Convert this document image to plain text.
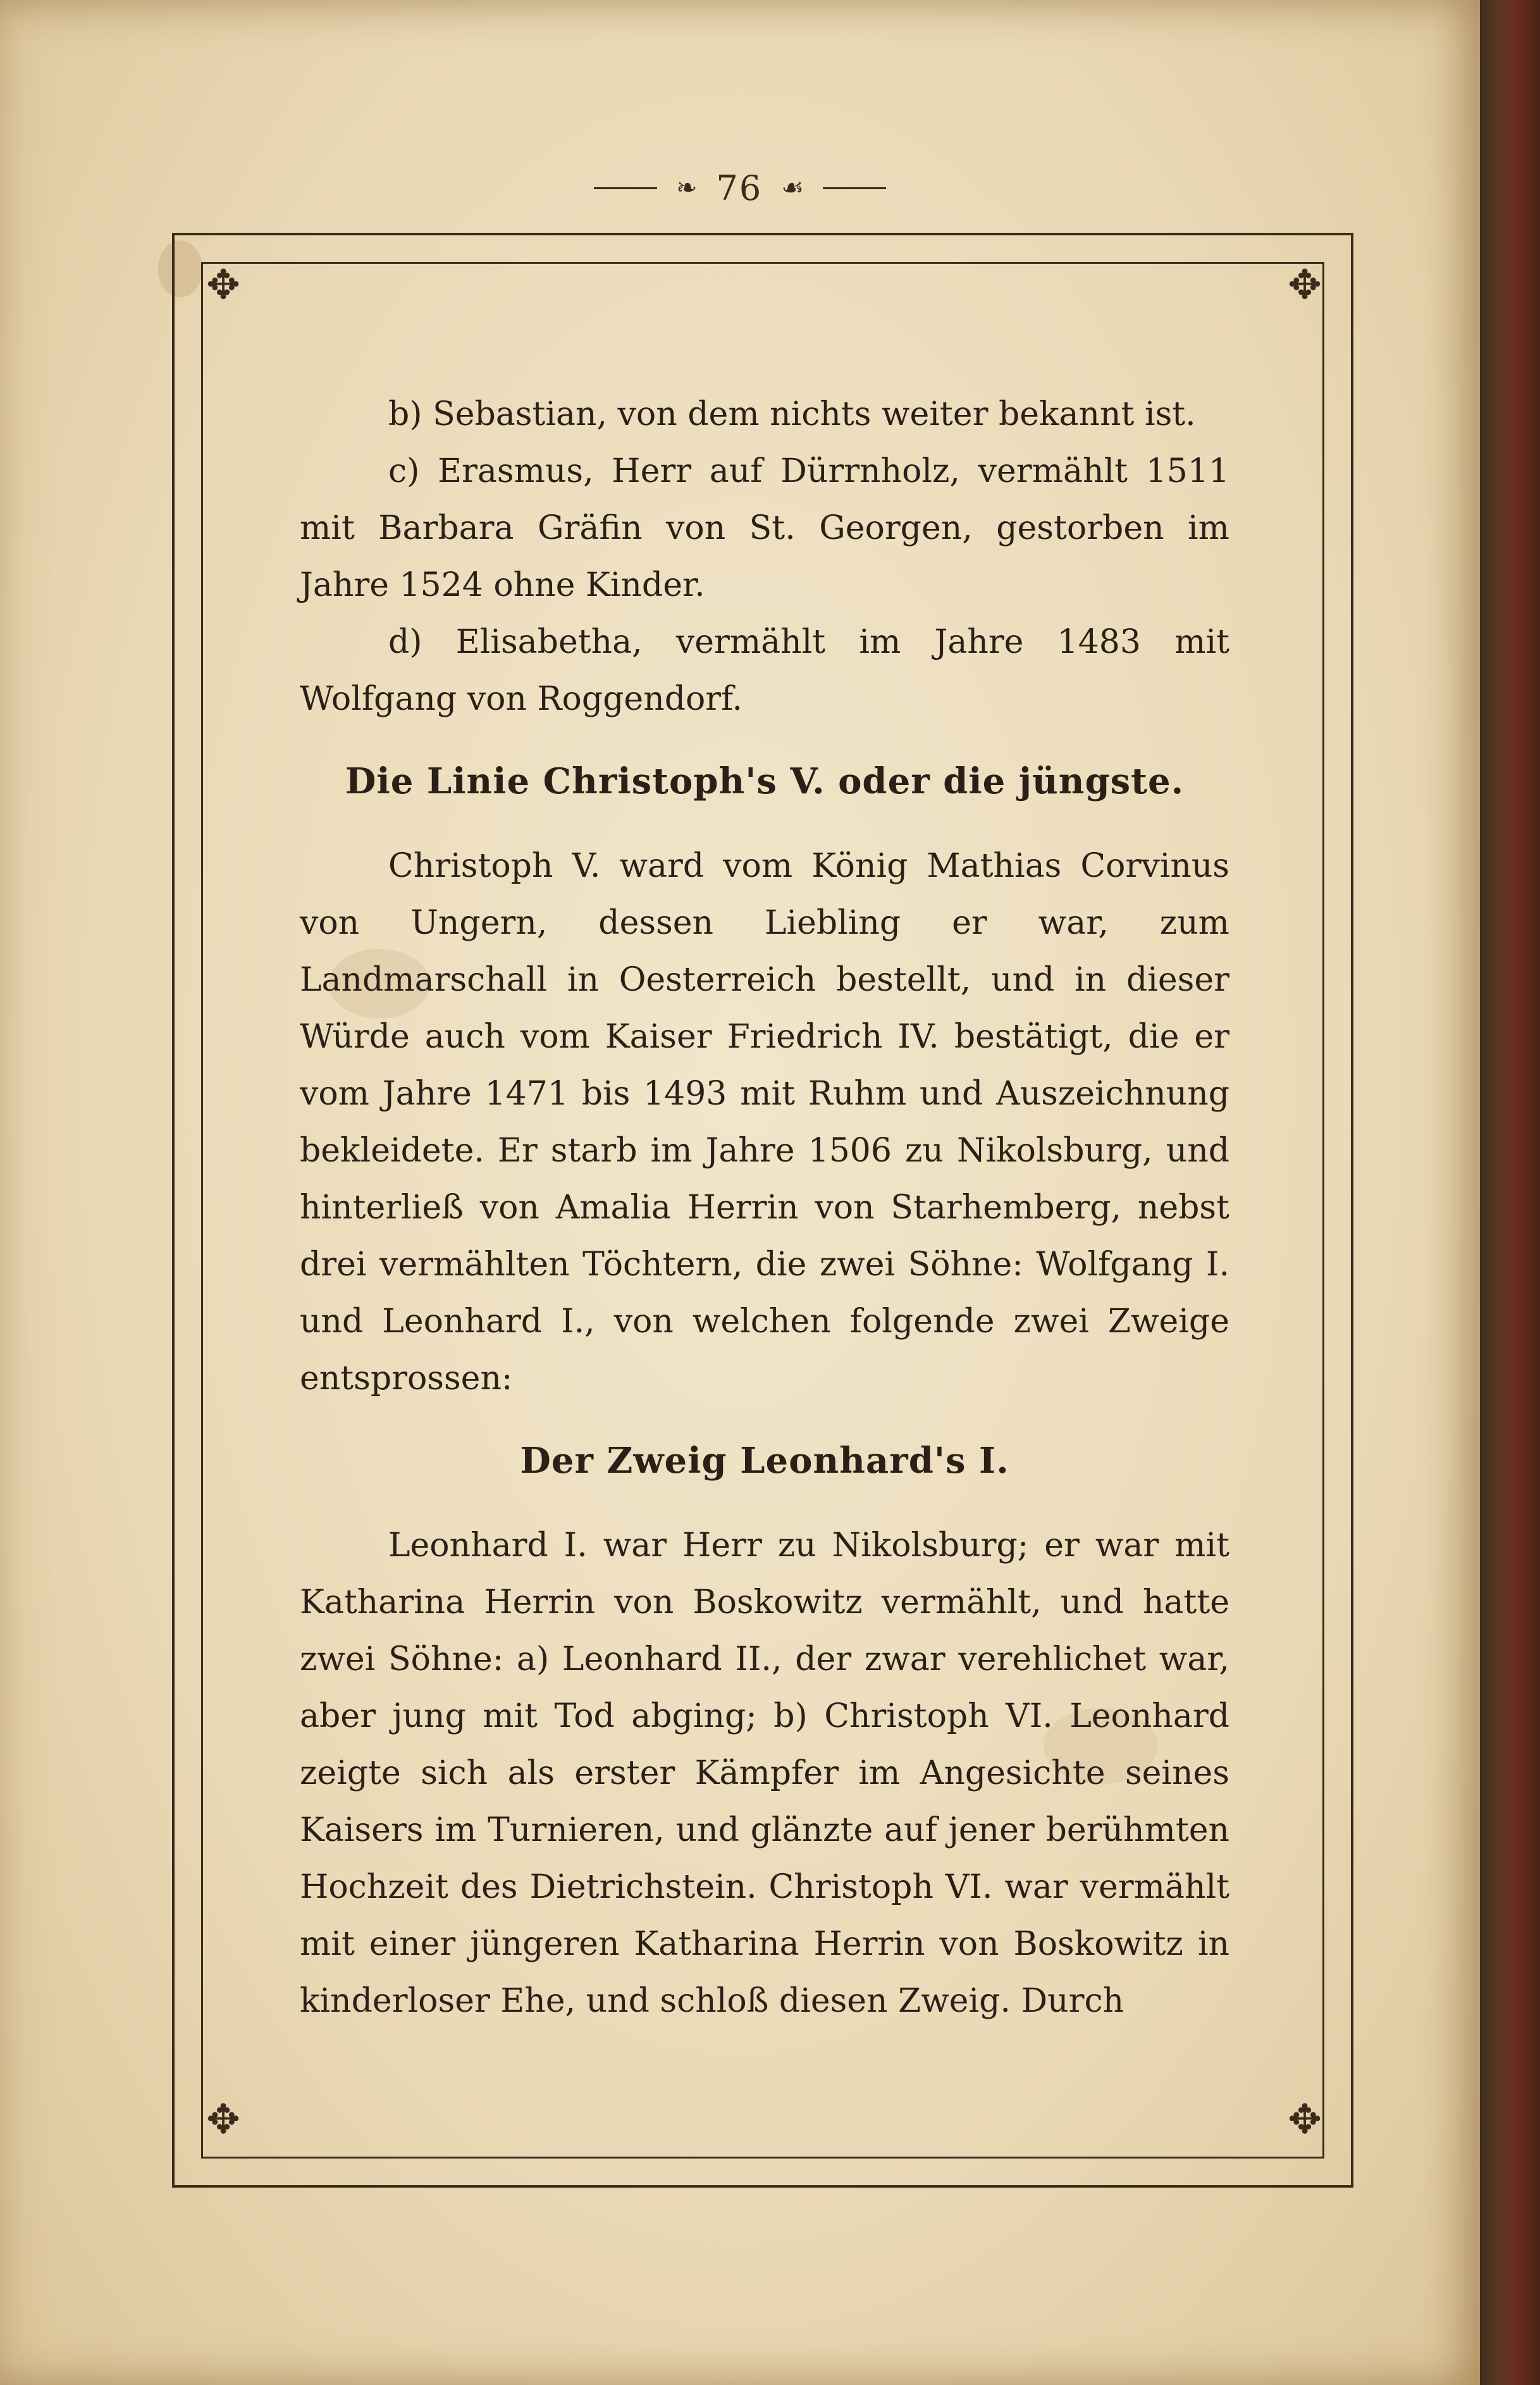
❧ 76 ☙
✥	✥
✥	✥

b) Sebastian, von dem nichts weiter bekannt ist.

c) Erasmus, Herr auf Dürrnholz, vermählt 1511 mit Barbara Gräfin von St. Georgen, gestorben im Jahre 1524 ohne Kinder.

d) Elisabetha, vermählt im Jahre 1483 mit Wolfgang von Roggendorf.

Die Linie Christoph's V. oder die jüngste.

Christoph V. ward vom König Mathias Corvinus von Ungern, dessen Liebling er war, zum Landmarschall in Oesterreich bestellt, und in dieser Würde auch vom Kaiser Friedrich IV. bestätigt, die er vom Jahre 1471 bis 1493 mit Ruhm und Auszeichnung bekleidete. Er starb im Jahre 1506 zu Nikolsburg, und hinterließ von Amalia Herrin von Starhemberg, nebst drei vermählten Töchtern, die zwei Söhne: Wolfgang I. und Leonhard I., von welchen folgende zwei Zweige entsprossen:

Der Zweig Leonhard's I.

Leonhard I. war Herr zu Nikolsburg; er war mit Katharina Herrin von Boskowitz vermählt, und hatte zwei Söhne: a) Leonhard II., der zwar verehlichet war, aber jung mit Tod abging; b) Christoph VI. Leonhard zeigte sich als erster Kämpfer im Angesichte seines Kaisers im Turnieren, und glänzte auf jener berühmten Hochzeit des Dietrichstein. Christoph VI. war vermählt mit einer jüngeren Katharina Herrin von Boskowitz in kinderloser Ehe, und schloß diesen Zweig. Durch
